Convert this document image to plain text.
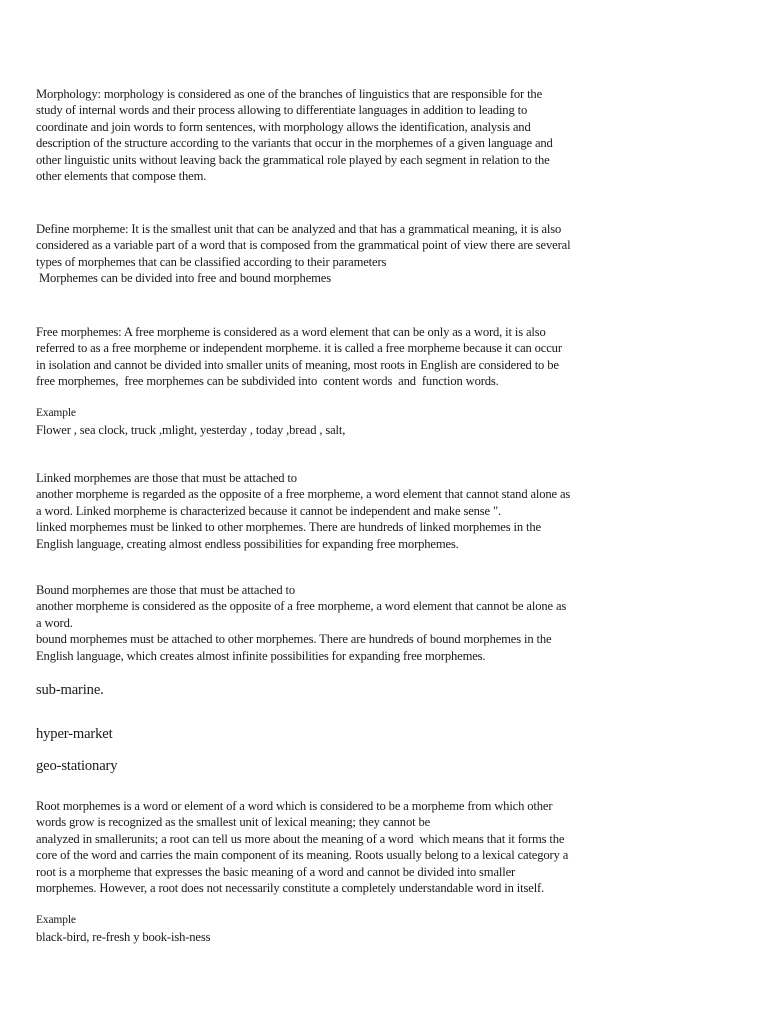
Morphology: morphology is considered as one of the branches of linguistics that are responsible for the
study of internal words and their process allowing to differentiate languages in addition to leading to
coordinate and join words to form sentences, with morphology allows the identification, analysis and
description of the structure according to the variants that occur in the morphemes of a given language and
other linguistic units without leaving back the grammatical role played by each segment in relation to the
other elements that compose them.

Define morpheme: It is the smallest unit that can be analyzed and that has a grammatical meaning, it is also
considered as a variable part of a word that is composed from the grammatical point of view there are several
types of morphemes that can be classified according to their parameters
Morphemes can be divided into free and bound morphemes

Free morphemes: A free morpheme is considered as a word element that can be only as a word, it is also
referred to as a free morpheme or independent morpheme. it is called a free morpheme because it can occur
in isolation and cannot be divided into smaller units of meaning, most roots in English are considered to be
free morphemes,  free morphemes can be subdivided into  content words  and  function words.

Example

Flower , sea clock, truck ,mlight, yesterday , today ,bread , salt,

Linked morphemes are those that must be attached to
another morpheme is regarded as the opposite of a free morpheme, a word element that cannot stand alone as
a word. Linked morpheme is characterized because it cannot be independent and make sense ".
linked morphemes must be linked to other morphemes. There are hundreds of linked morphemes in the
English language, creating almost endless possibilities for expanding free morphemes.

Bound morphemes are those that must be attached to
another morpheme is considered as the opposite of a free morpheme, a word element that cannot be alone as
a word.
bound morphemes must be attached to other morphemes. There are hundreds of bound morphemes in the
English language, which creates almost infinite possibilities for expanding free morphemes.

sub-marine.

hyper-market

geo-stationary

Root morphemes is a word or element of a word which is considered to be a morpheme from which other
words grow is recognized as the smallest unit of lexical meaning; they cannot be
analyzed in smallerunits; a root can tell us more about the meaning of a word  which means that it forms the
core of the word and carries the main component of its meaning. Roots usually belong to a lexical category a
root is a morpheme that expresses the basic meaning of a word and cannot be divided into smaller
morphemes. However, a root does not necessarily constitute a completely understandable word in itself.

Example

black-bird, re-fresh y book-ish-ness
